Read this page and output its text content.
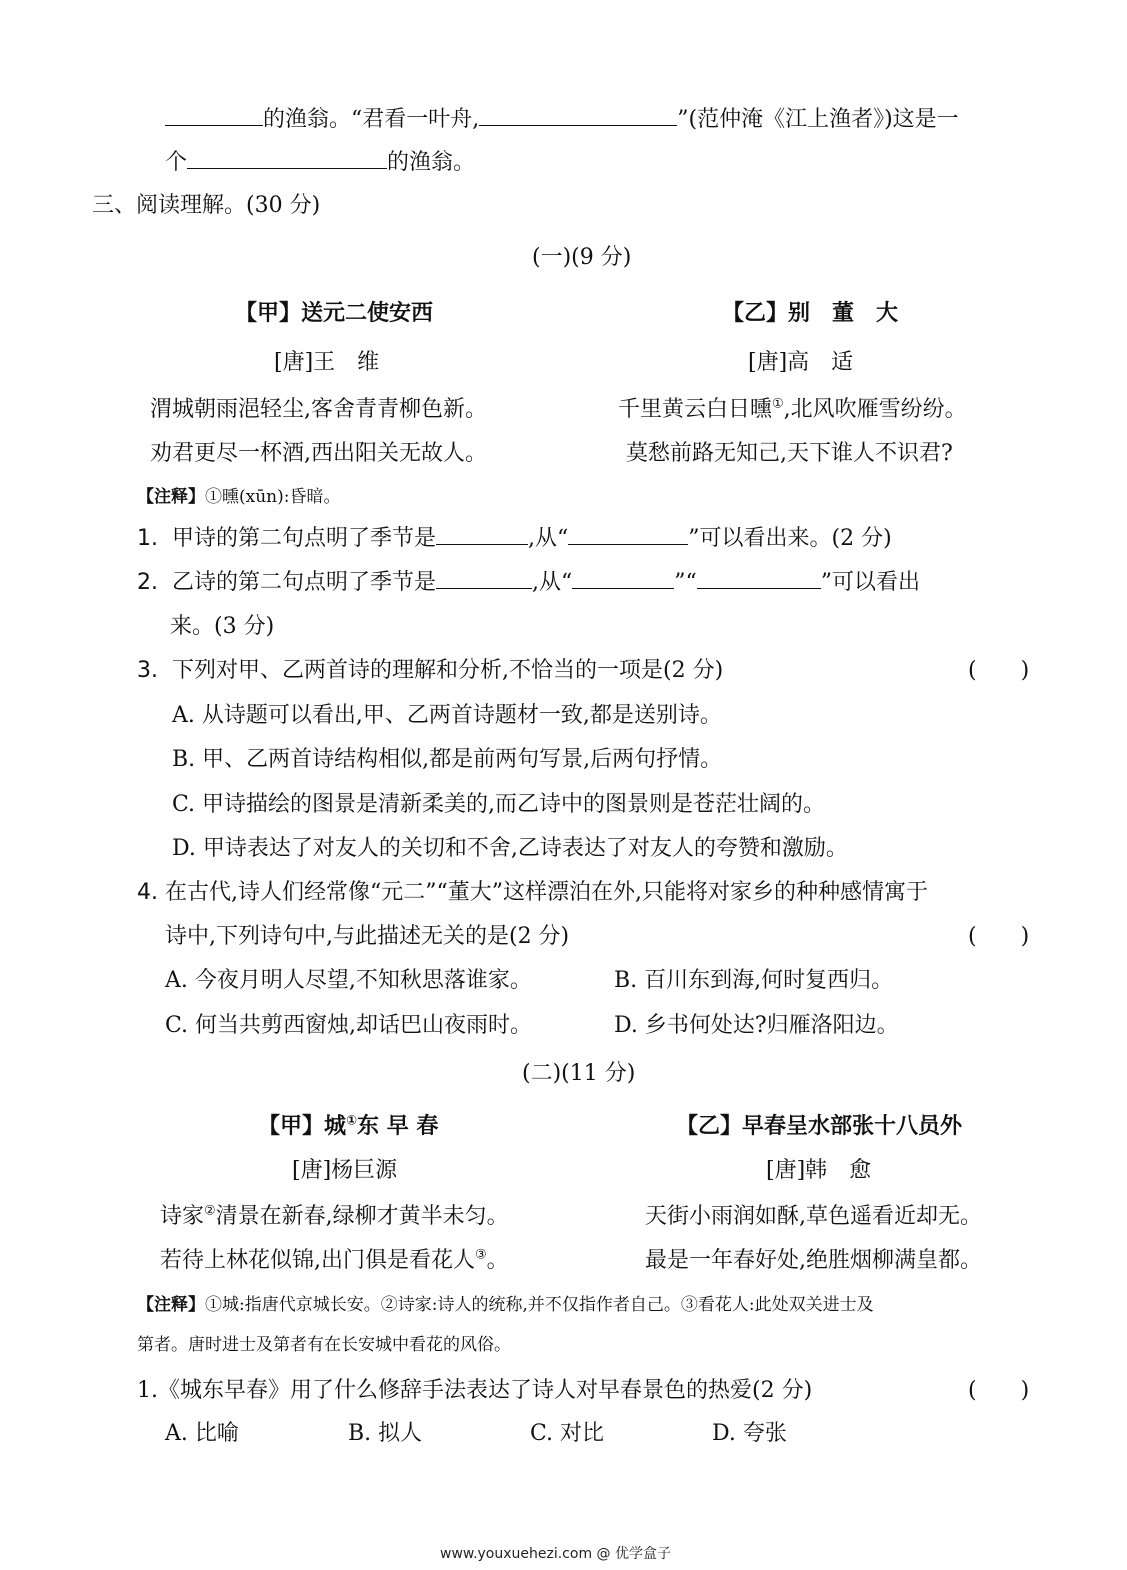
的渔翁。“君看一叶舟,	”(范仲淹《江上渔者》)这是一
个	的渔翁。
三、阅读理解。(30 分)
(一)(9 分)
【甲】送元二使安西
[唐]王　维
渭城朝雨浥轻尘,客舍青青柳色新。
劝君更尽一杯酒,西出阳关无故人。
【乙】别　董　大
[唐]高　适
千里黄云白日曛①,北风吹雁雪纷纷。
莫愁前路无知己,天下谁人不识君?
【注释】①曛(xūn):昏暗。
1. 甲诗的第二句点明了季节是	,从“	”可以看出来。(2 分)
2. 乙诗的第二句点明了季节是	,从“	”“	”可以看出
来。(3 分)
3. 下列对甲、乙两首诗的理解和分析,不恰当的一项是(2 分)	(　　)
A. 从诗题可以看出,甲、乙两首诗题材一致,都是送别诗。
B. 甲、乙两首诗结构相似,都是前两句写景,后两句抒情。
C. 甲诗描绘的图景是清新柔美的,而乙诗中的图景则是苍茫壮阔的。
D. 甲诗表达了对友人的关切和不舍,乙诗表达了对友人的夸赞和激励。
4. 在古代,诗人们经常像“元二”“董大”这样漂泊在外,只能将对家乡的种种感情寓于
诗中,下列诗句中,与此描述无关的是(2 分)	(　　)
A. 今夜月明人尽望,不知秋思落谁家。	B. 百川东到海,何时复西归。
C. 何当共剪西窗烛,却话巴山夜雨时。	D. 乡书何处达?归雁洛阳边。
(二)(11 分)
【甲】城①东 早 春
[唐]杨巨源
诗家②清景在新春,绿柳才黄半未匀。
若待上林花似锦,出门俱是看花人③。
【乙】早春呈水部张十八员外
[唐]韩　愈
天街小雨润如酥,草色遥看近却无。
最是一年春好处,绝胜烟柳满皇都。
【注释】①城:指唐代京城长安。②诗家:诗人的统称,并不仅指作者自己。③看花人:此处双关进士及
第者。唐时进士及第者有在长安城中看花的风俗。
1.《城东早春》用了什么修辞手法表达了诗人对早春景色的热爱(2 分)	(　　)
A. 比喻	B. 拟人	C. 对比	D. 夸张
www.youxuehezi.com @ 优学盒子
